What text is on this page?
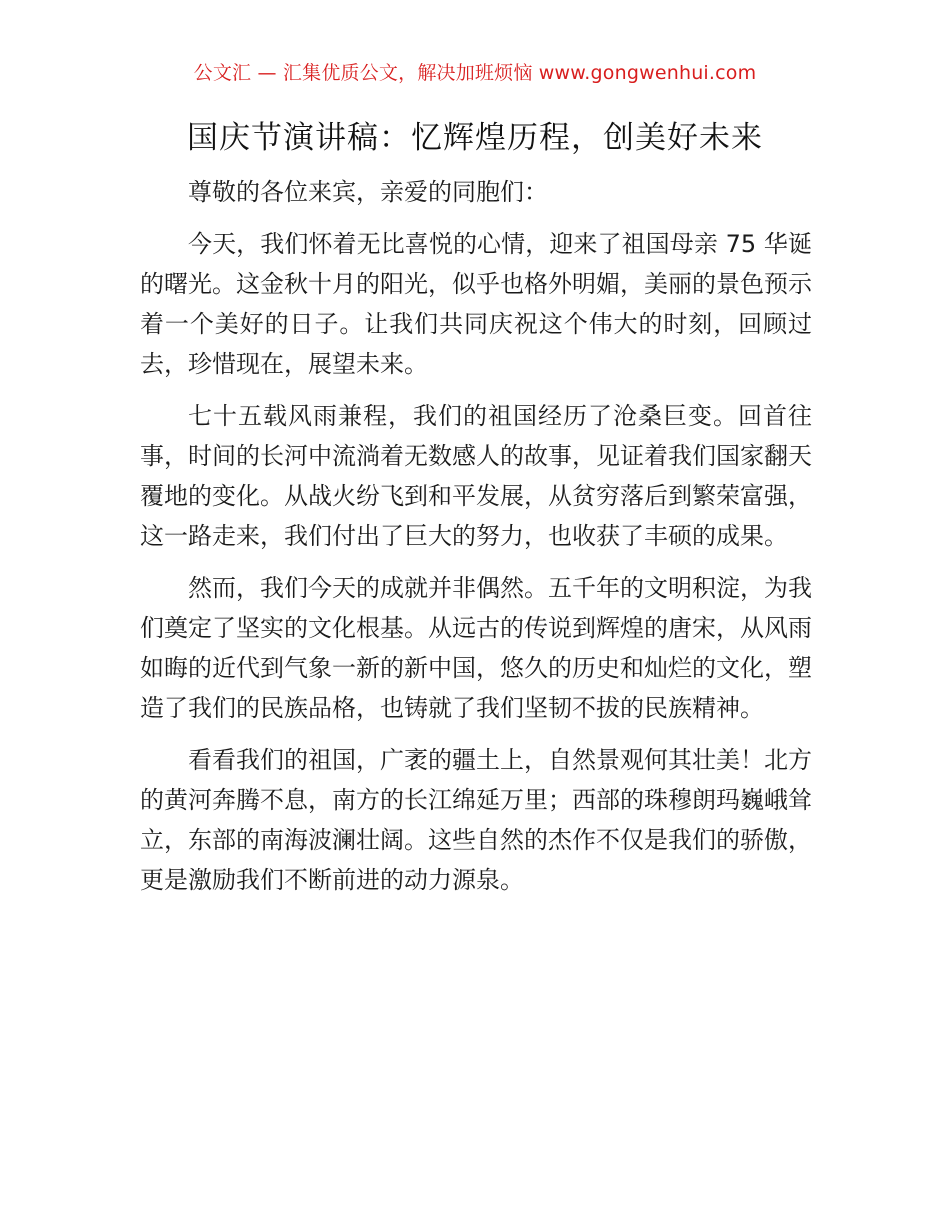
公文汇 — 汇集优质公文，解决加班烦恼 www.gongwenhui.com
国庆节演讲稿：忆辉煌历程，创美好未来

尊敬的各位来宾，亲爱的同胞们：

今天，我们怀着无比喜悦的心情，迎来了祖国母亲 75 华诞的曙光。这金秋十月的阳光，似乎也格外明媚，美丽的景色预示着一个美好的日子。让我们共同庆祝这个伟大的时刻，回顾过去，珍惜现在，展望未来。

七十五载风雨兼程，我们的祖国经历了沧桑巨变。回首往事，时间的长河中流淌着无数感人的故事，见证着我们国家翻天覆地的变化。从战火纷飞到和平发展，从贫穷落后到繁荣富强，这一路走来，我们付出了巨大的努力，也收获了丰硕的成果。

然而，我们今天的成就并非偶然。五千年的文明积淀，为我们奠定了坚实的文化根基。从远古的传说到辉煌的唐宋，从风雨如晦的近代到气象一新的新中国，悠久的历史和灿烂的文化，塑造了我们的民族品格，也铸就了我们坚韧不拔的民族精神。

看看我们的祖国，广袤的疆土上，自然景观何其壮美！北方的黄河奔腾不息，南方的长江绵延万里；西部的珠穆朗玛巍峨耸立，东部的南海波澜壮阔。这些自然的杰作不仅是我们的骄傲，更是激励我们不断前进的动力源泉。
